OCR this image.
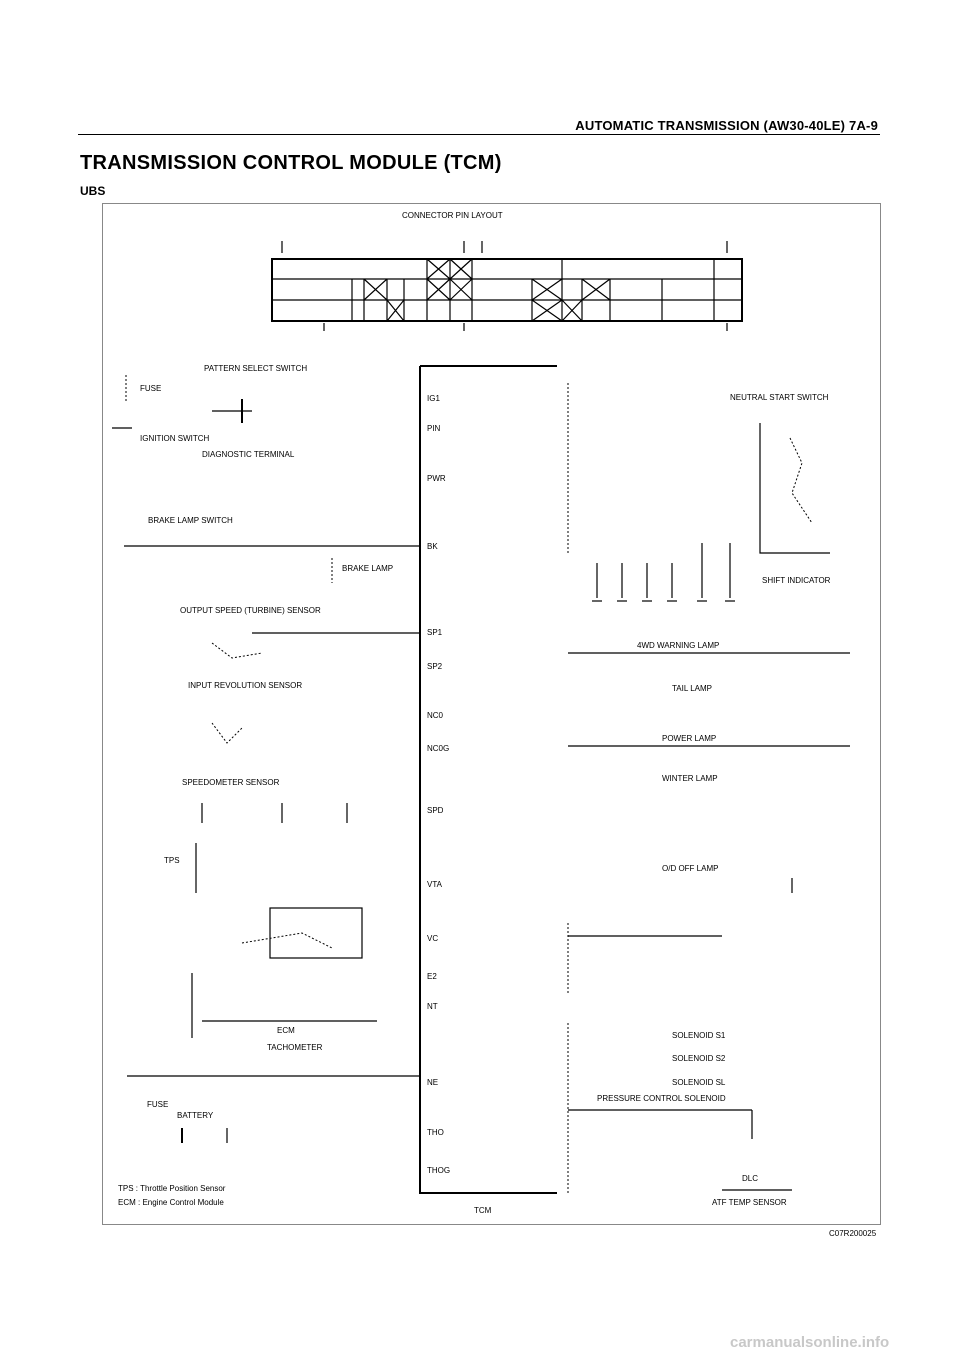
AUTOMATIC TRANSMISSION (AW30-40LE) 7A-9
TRANSMISSION CONTROL MODULE (TCM)
UBS
CONNECTOR PIN LAYOUT
TCM
IG1
PIN
PWR
BK
SP1
SP2
NC0
NC0G
SPD
VTA
VC
E2
NT
NE
THO
THOG
PATTERN SELECT SWITCH
FUSE
IGNITION SWITCH
DIAGNOSTIC TERMINAL
BRAKE LAMP SWITCH
BRAKE LAMP
OUTPUT SPEED (TURBINE) SENSOR
INPUT REVOLUTION SENSOR
SPEEDOMETER SENSOR
TPS
ECM
TACHOMETER
FUSE
BATTERY
TPS : Throttle Position Sensor
ECM : Engine Control Module
NEUTRAL START SWITCH
SHIFT INDICATOR
4WD WARNING LAMP
TAIL LAMP
POWER LAMP
WINTER LAMP
O/D OFF LAMP
SOLENOID S1
SOLENOID S2
SOLENOID SL
PRESSURE CONTROL SOLENOID
DLC
ATF TEMP SENSOR
C07R200025
carmanualsonline.info
